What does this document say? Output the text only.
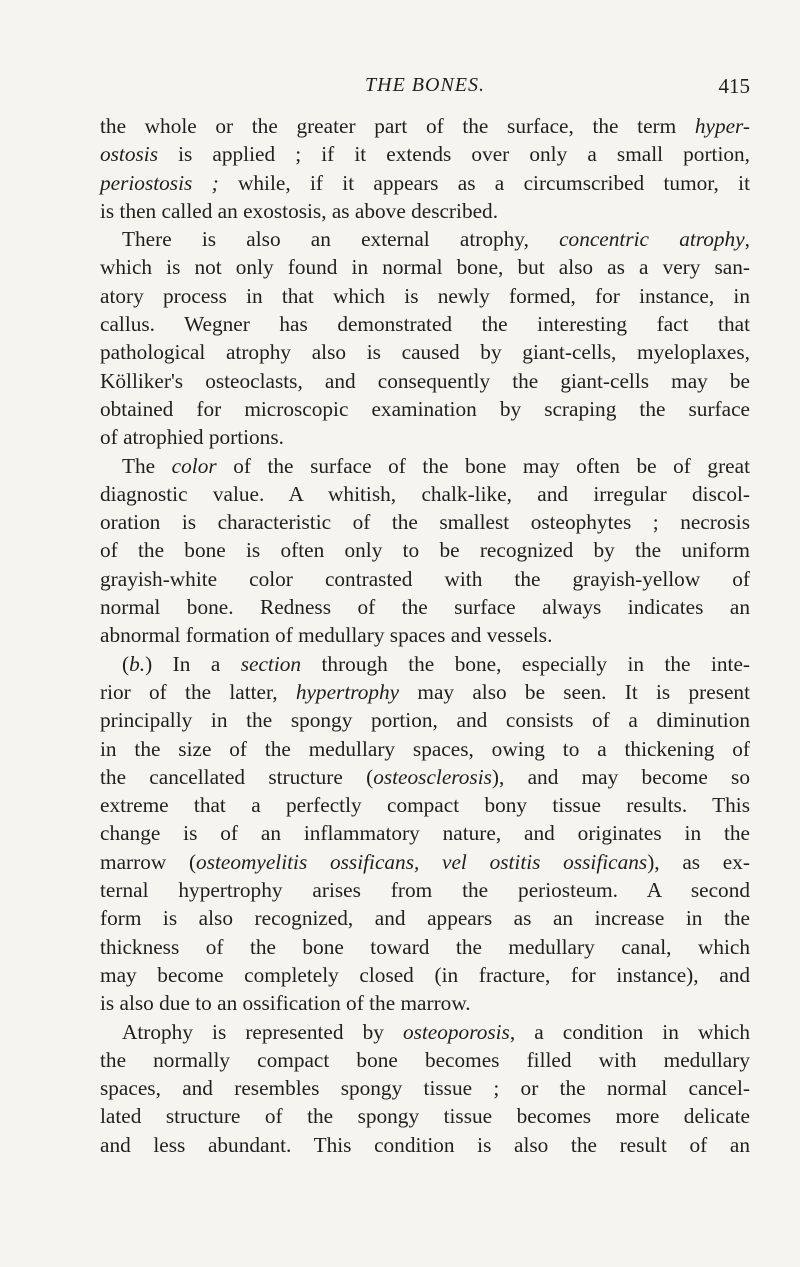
THE BONES.	415
the whole or the greater part of the surface, the term hyper-
ostosis is applied ; if it extends over only a small portion,
periostosis ; while, if it appears as a circumscribed tumor, it
is then called an exostosis, as above described.
There is also an external atrophy, concentric atrophy,
which is not only found in normal bone, but also as a very san-
atory process in that which is newly formed, for instance, in
callus. Wegner has demonstrated the interesting fact that
pathological atrophy also is caused by giant-cells, myeloplaxes,
Kölliker's osteoclasts, and consequently the giant-cells may be
obtained for microscopic examination by scraping the surface
of atrophied portions.
The color of the surface of the bone may often be of great
diagnostic value. A whitish, chalk-like, and irregular discol-
oration is characteristic of the smallest osteophytes ; necrosis
of the bone is often only to be recognized by the uniform
grayish-white color contrasted with the grayish-yellow of
normal bone. Redness of the surface always indicates an
abnormal formation of medullary spaces and vessels.
(b.) In a section through the bone, especially in the inte-
rior of the latter, hypertrophy may also be seen. It is present
principally in the spongy portion, and consists of a diminution
in the size of the medullary spaces, owing to a thickening of
the cancellated structure (osteosclerosis), and may become so
extreme that a perfectly compact bony tissue results. This
change is of an inflammatory nature, and originates in the
marrow (osteomyelitis ossificans, vel ostitis ossificans), as ex-
ternal hypertrophy arises from the periosteum. A second
form is also recognized, and appears as an increase in the
thickness of the bone toward the medullary canal, which
may become completely closed (in fracture, for instance), and
is also due to an ossification of the marrow.
Atrophy is represented by osteoporosis, a condition in which
the normally compact bone becomes filled with medullary
spaces, and resembles spongy tissue ; or the normal cancel-
lated structure of the spongy tissue becomes more delicate
and less abundant. This condition is also the result of an
